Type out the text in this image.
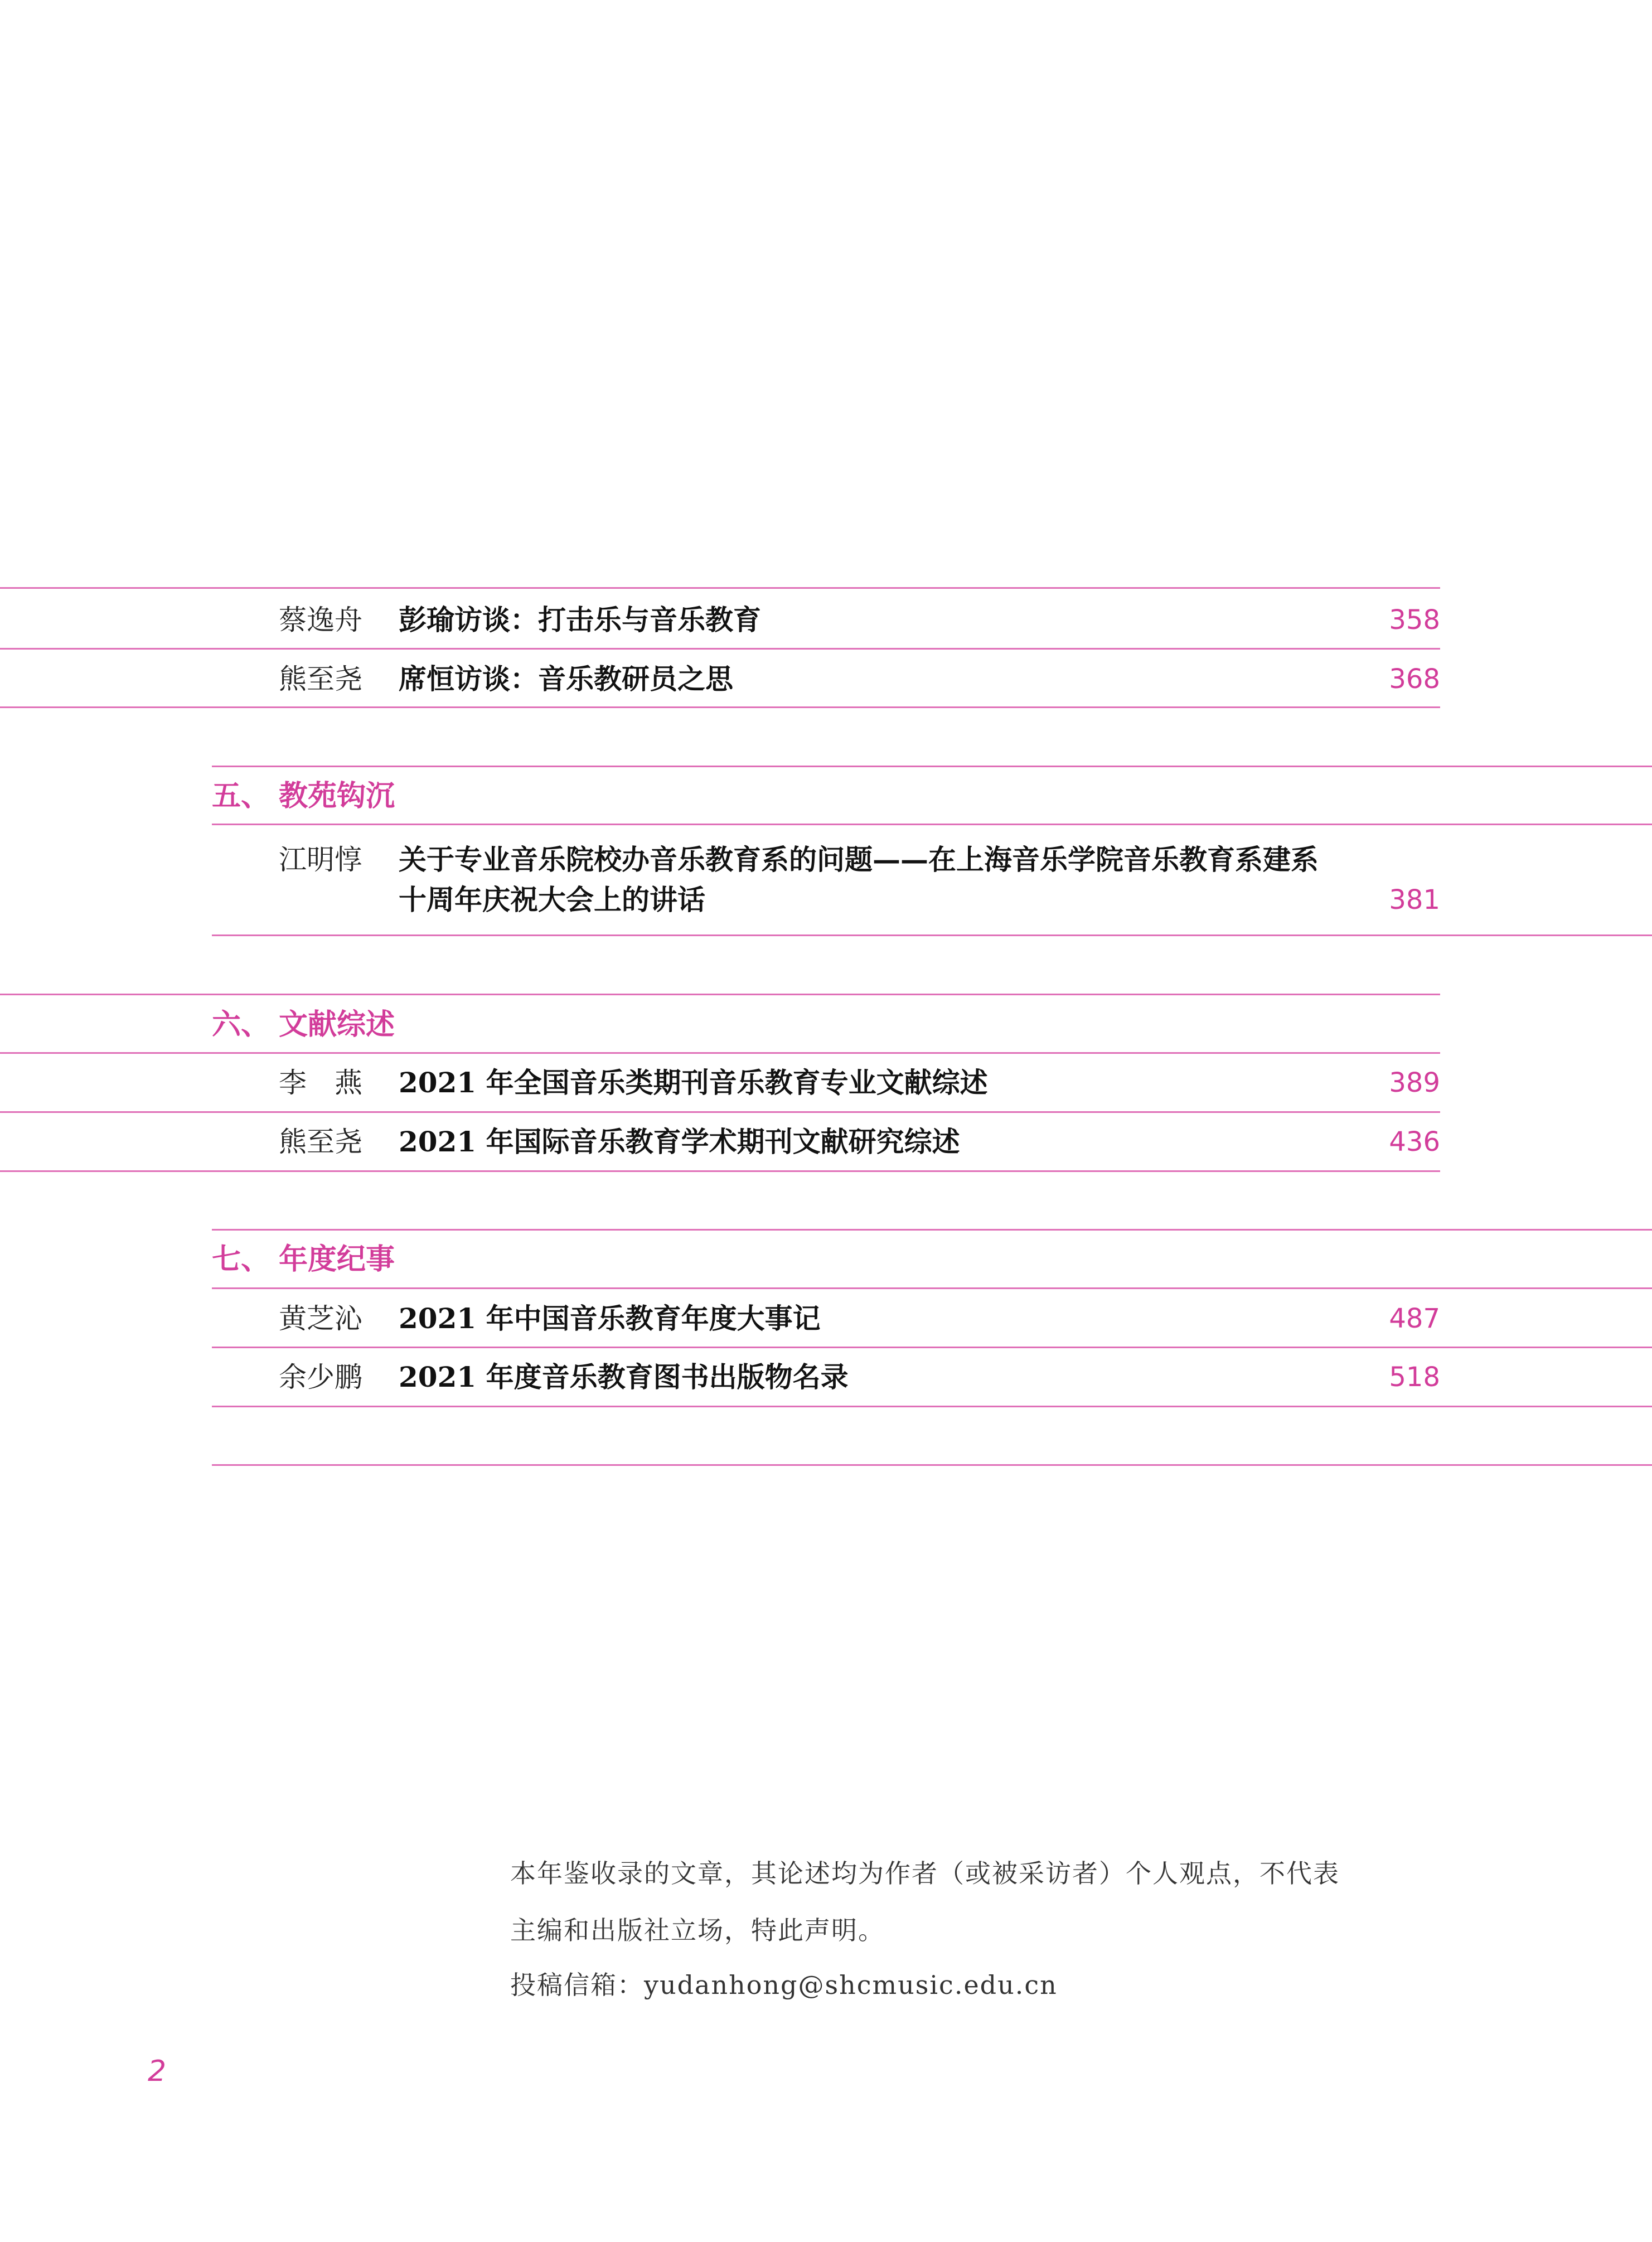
蔡逸舟	彭瑜访谈：打击乐与音乐教育	358
熊至尧	席恒访谈：音乐教研员之思	368
五、 教苑钩沉
江明惇	关于专业音乐院校办音乐教育系的问题——在上海音乐学院音乐教育系建系
十周年庆祝大会上的讲话	381
六、 文献综述
李　燕	2021 年全国音乐类期刊音乐教育专业文献综述	389
熊至尧	2021 年国际音乐教育学术期刊文献研究综述	436
七、 年度纪事
黄芝沁	2021 年中国音乐教育年度大事记	487
余少鹏	2021 年度音乐教育图书出版物名录	518
本年鉴收录的文章，其论述均为作者（或被采访者）个人观点，不代表
主编和出版社立场，特此声明。
投稿信箱：yudanhong@shcmusic.edu.cn
2
